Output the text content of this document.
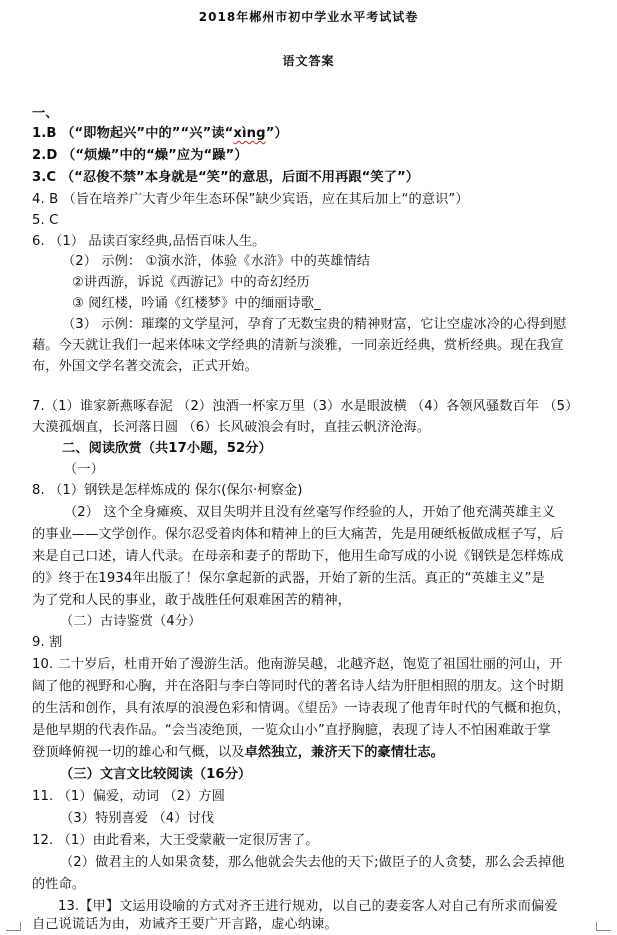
2018年郴州市初中学业水平考试试卷
语文答案
一、
1.B （“即物起兴”中的”“兴”读“xìng”）
2.D （“烦燥”中的“燥”应为“躁”）
3.C （“忍俊不禁”本身就是“笑”的意思，后面不用再跟“笑了”）
4. B （旨在培养广大青少年生态环保”缺少宾语，应在其后加上“的意识”）
5. C
6. （1） 品读百家经典,品悟百味人生。
（2） 示例： ①演水浒，体验《水浒》中的英雄情结
②讲西游，诉说《西游记》中的奇幻经历
③ 阅红楼，吟诵《红楼梦》中的缅丽诗歌_
（3） 示例：璀璨的文学星河，孕育了无数宝贵的精神财富，它让空虚冰冷的心得到慰
藉。今天就让我们一起来体味文学经典的清新与淡雅，一同亲近经典，赏析经典。现在我宣
布，外国文学名著交流会，正式开始。
7.（1）谁家新燕啄春泥 （2）浊酒一杯家万里（3）水是眼波横 （4）各领风骚数百年 （5）
大漠孤烟直，长河落日圆 （6）长风破浪会有时，直挂云帆济沧海。
二、阅读欣赏（共17小题，52分）
（一）
8. （1）钢铁是怎样炼成的 保尔(保尔·柯察金)
（2） 这个全身瘫痪、双目失明并且没有丝毫写作经验的人，开始了他充满英雄主义
的事业——文学创作。保尔忍受着肉体和精神上的巨大痛苦，先是用硬纸板做成框子写，后
来是自己口述，请人代录。在母亲和妻子的帮助下，他用生命写成的小说《钢铁是怎样炼成
的》终于在1934年出版了！保尔拿起新的武器，开始了新的生活。真正的“英雄主义”是
为了党和人民的事业，敢于战胜任何艰难困苦的精神，
（二）古诗鉴赏（4分）
9. 割
10. 二十岁后，杜甫开始了漫游生活。他南游吴越，北越齐赵，饱览了祖国壮丽的河山，开
阔了他的视野和心胸，并在洛阳与李白等同时代的著名诗人结为肝胆相照的朋友。这个时期
的生活和创作，具有浓厚的浪漫色彩和情调。《望岳》一诗表现了他青年时代的气概和抱负，
是他早期的代表作品。“会当凌绝顶，一览众山小”直抒胸臆，表现了诗人不怕困难敢于掌
登顶峰俯视一切的雄心和气概，以及卓然独立，兼济天下的豪情壮志。
（三）文言文比较阅读（16分）
11. （1）偏爱，动词 （2）方圆
（3）特别喜爱 （4）讨伐
12. （1）由此看来，大王受蒙蔽一定很厉害了。
（2）做君主的人如果贪婪，那么他就会失去他的天下;做臣子的人贪婪，那么会丢掉他
的性命。
13.【甲】文运用设喻的方式对齐王进行规劝，以自己的妻妾客人对自己有所求而偏爱
自己说谎话为由，劝诫齐王要广开言路，虚心纳谏。
